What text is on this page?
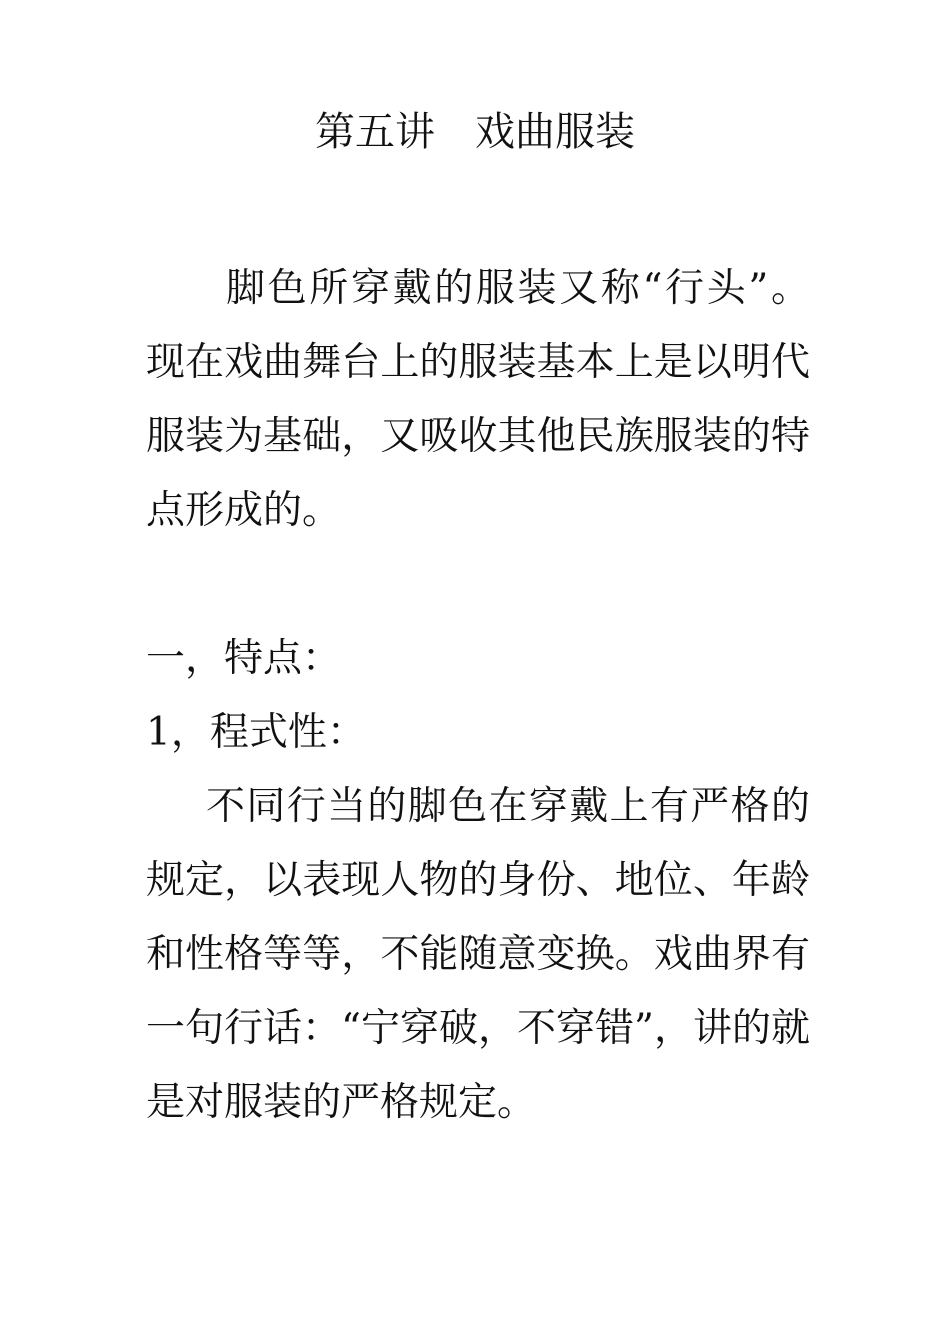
第五讲　戏曲服装

脚色所穿戴的服装又称“行头”。现在戏曲舞台上的服装基本上是以明代服装为基础，又吸收其他民族服装的特点形成的。

一，特点：

1，程式性：

不同行当的脚色在穿戴上有严格的规定，以表现人物的身份、地位、年龄和性格等等，不能随意变换。戏曲界有一句行话：“宁穿破，不穿错”，讲的就是对服装的严格规定。
